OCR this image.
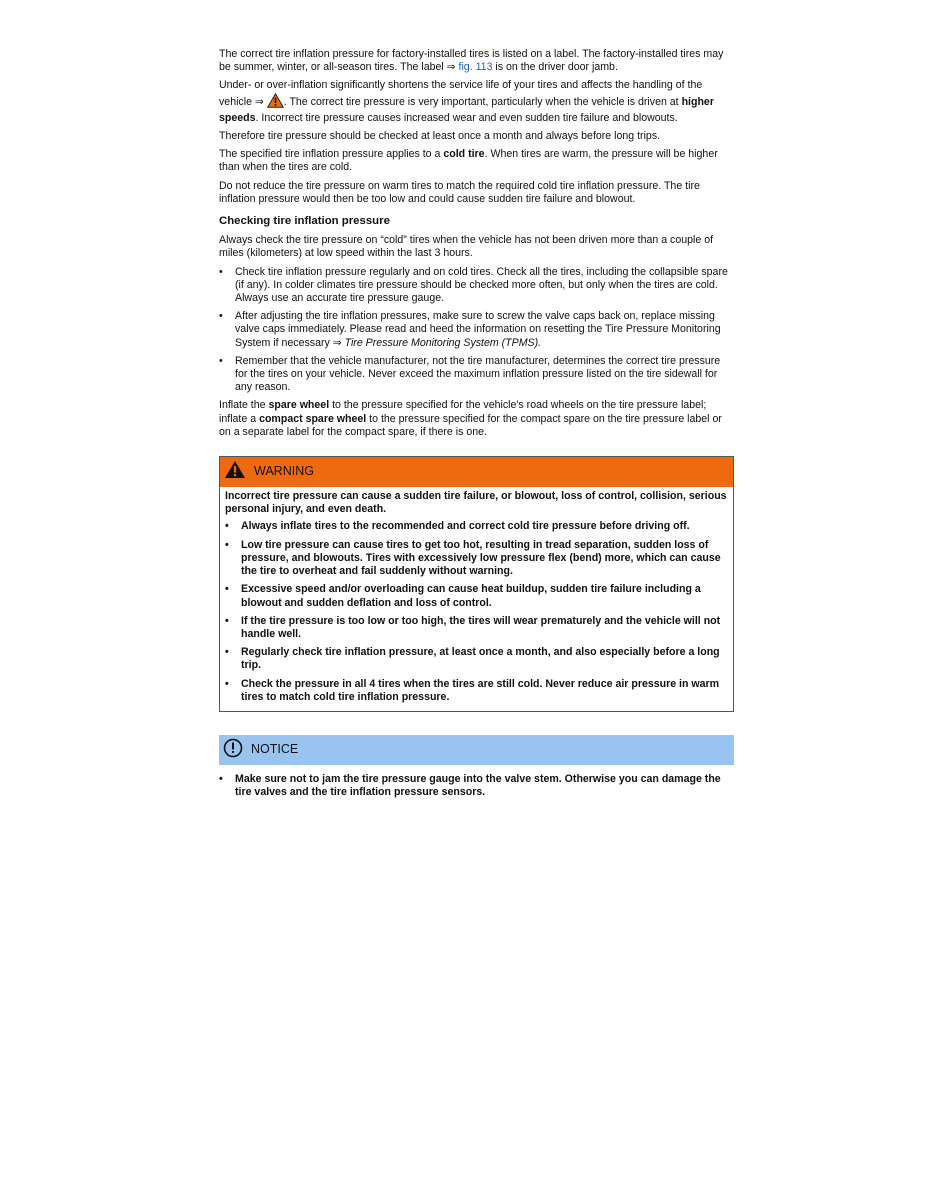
The correct tire inflation pressure for factory-installed tires is listed on a label. The factory-installed tires may be summer, winter, or all-season tires. The label ⇒ fig. 113 is on the driver door jamb.

Under- or over-inflation significantly shortens the service life of your tires and affects the handling of the vehicle ⇒ . The correct tire pressure is very important, particularly when the vehicle is driven at higher speeds. Incorrect tire pressure causes increased wear and even sudden tire failure and blowouts.

Therefore tire pressure should be checked at least once a month and always before long trips.

The specified tire inflation pressure applies to a cold tire. When tires are warm, the pressure will be higher than when the tires are cold.

Do not reduce the tire pressure on warm tires to match the required cold tire inflation pressure. The tire inflation pressure would then be too low and could cause sudden tire failure and blowout.

Checking tire inflation pressure

Always check the tire pressure on “cold” tires when the vehicle has not been driven more than a couple of miles (kilometers) at low speed within the last 3 hours.

•	Check tire inflation pressure regularly and on cold tires. Check all the tires, including the collapsible spare (if any). In colder climates tire pressure should be checked more often, but only when the tires are cold. Always use an accurate tire pressure gauge.
•	After adjusting the tire inflation pressures, make sure to screw the valve caps back on, replace missing valve caps immediately. Please read and heed the information on resetting the Tire Pressure Monitoring System if necessary ⇒ Tire Pressure Monitoring System (TPMS).
•	Remember that the vehicle manufacturer, not the tire manufacturer, determines the correct tire pressure for the tires on your vehicle. Never exceed the maximum inflation pressure listed on the tire sidewall for any reason.

Inflate the spare wheel to the pressure specified for the vehicle's road wheels on the tire pressure label; inflate a compact spare wheel to the pressure specified for the compact spare on the tire pressure label or on a separate label for the compact spare, if there is one.

WARNING

Incorrect tire pressure can cause a sudden tire failure, or blowout, loss of control, collision, serious personal injury, and even death.

•	Always inflate tires to the recommended and correct cold tire pressure before driving off.
•	Low tire pressure can cause tires to get too hot, resulting in tread separation, sudden loss of pressure, and blowouts. Tires with excessively low pressure flex (bend) more, which can cause the tire to overheat and fail suddenly without warning.
•	Excessive speed and/or overloading can cause heat buildup, sudden tire failure including a blowout and sudden deflation and loss of control.
•	If the tire pressure is too low or too high, the tires will wear prematurely and the vehicle will not handle well.
•	Regularly check tire inflation pressure, at least once a month, and also especially before a long trip.
•	Check the pressure in all 4 tires when the tires are still cold. Never reduce air pressure in warm tires to match cold tire inflation pressure.
NOTICE
•	Make sure not to jam the tire pressure gauge into the valve stem. Otherwise you can damage the tire valves and the tire inflation pressure sensors.
